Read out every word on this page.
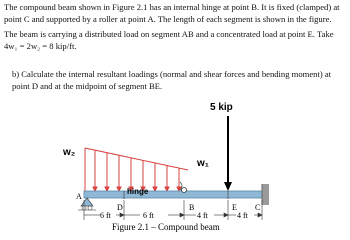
The compound beam shown in Figure 2.1 has an internal hinge at point B. It is fixed (clamped) at point C and supported by a roller at point A. The length of each segment is shown in the figure.

The beam is carrying a distributed load on segment AB and a concentrated load at point E. Take 4w₁ = 2w₂ = 8 kip/ft.

b) Calculate the internal resultant loadings (normal and shear forces and bending moment) at point D and at the midpoint of segment BE.

w₂
w₁
5 kip
A
D	B	E C
hinge
6 ft	6 ft	4 ft	4 ft
Figure 2.1 – Compound beam
